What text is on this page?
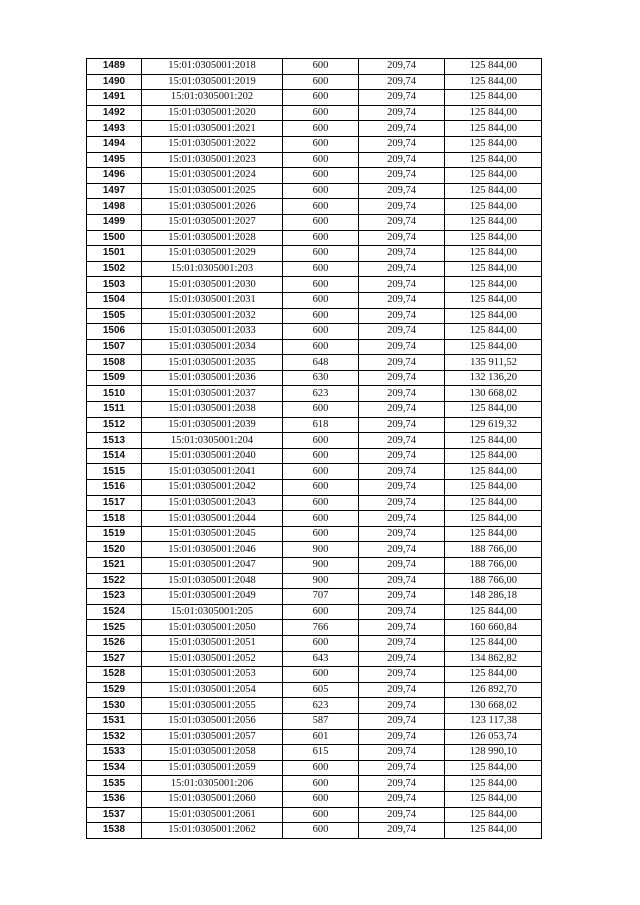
1489	15:01:0305001:2018	600	209,74	125 844,00
1490	15:01:0305001:2019	600	209,74	125 844,00
1491	15:01:0305001:202	600	209,74	125 844,00
1492	15:01:0305001:2020	600	209,74	125 844,00
1493	15:01:0305001:2021	600	209,74	125 844,00
1494	15:01:0305001:2022	600	209,74	125 844,00
1495	15:01:0305001:2023	600	209,74	125 844,00
1496	15:01:0305001:2024	600	209,74	125 844,00
1497	15:01:0305001:2025	600	209,74	125 844,00
1498	15:01:0305001:2026	600	209,74	125 844,00
1499	15:01:0305001:2027	600	209,74	125 844,00
1500	15:01:0305001:2028	600	209,74	125 844,00
1501	15:01:0305001:2029	600	209,74	125 844,00
1502	15:01:0305001:203	600	209,74	125 844,00
1503	15:01:0305001:2030	600	209,74	125 844,00
1504	15:01:0305001:2031	600	209,74	125 844,00
1505	15:01:0305001:2032	600	209,74	125 844,00
1506	15:01:0305001:2033	600	209,74	125 844,00
1507	15:01:0305001:2034	600	209,74	125 844,00
1508	15:01:0305001:2035	648	209,74	135 911,52
1509	15:01:0305001:2036	630	209,74	132 136,20
1510	15:01:0305001:2037	623	209,74	130 668,02
1511	15:01:0305001:2038	600	209,74	125 844,00
1512	15:01:0305001:2039	618	209,74	129 619,32
1513	15:01:0305001:204	600	209,74	125 844,00
1514	15:01:0305001:2040	600	209,74	125 844,00
1515	15:01:0305001:2041	600	209,74	125 844,00
1516	15:01:0305001:2042	600	209,74	125 844,00
1517	15:01:0305001:2043	600	209,74	125 844,00
1518	15:01:0305001:2044	600	209,74	125 844,00
1519	15:01:0305001:2045	600	209,74	125 844,00
1520	15:01:0305001:2046	900	209,74	188 766,00
1521	15:01:0305001:2047	900	209,74	188 766,00
1522	15:01:0305001:2048	900	209,74	188 766,00
1523	15:01:0305001:2049	707	209,74	148 286,18
1524	15:01:0305001:205	600	209,74	125 844,00
1525	15:01:0305001:2050	766	209,74	160 660,84
1526	15:01:0305001:2051	600	209,74	125 844,00
1527	15:01:0305001:2052	643	209,74	134 862,82
1528	15:01:0305001:2053	600	209,74	125 844,00
1529	15:01:0305001:2054	605	209,74	126 892,70
1530	15:01:0305001:2055	623	209,74	130 668,02
1531	15:01:0305001:2056	587	209,74	123 117,38
1532	15:01:0305001:2057	601	209,74	126 053,74
1533	15:01:0305001:2058	615	209,74	128 990,10
1534	15:01:0305001:2059	600	209,74	125 844,00
1535	15:01:0305001:206	600	209,74	125 844,00
1536	15:01:0305001:2060	600	209,74	125 844,00
1537	15:01:0305001:2061	600	209,74	125 844,00
1538	15:01:0305001:2062	600	209,74	125 844,00
